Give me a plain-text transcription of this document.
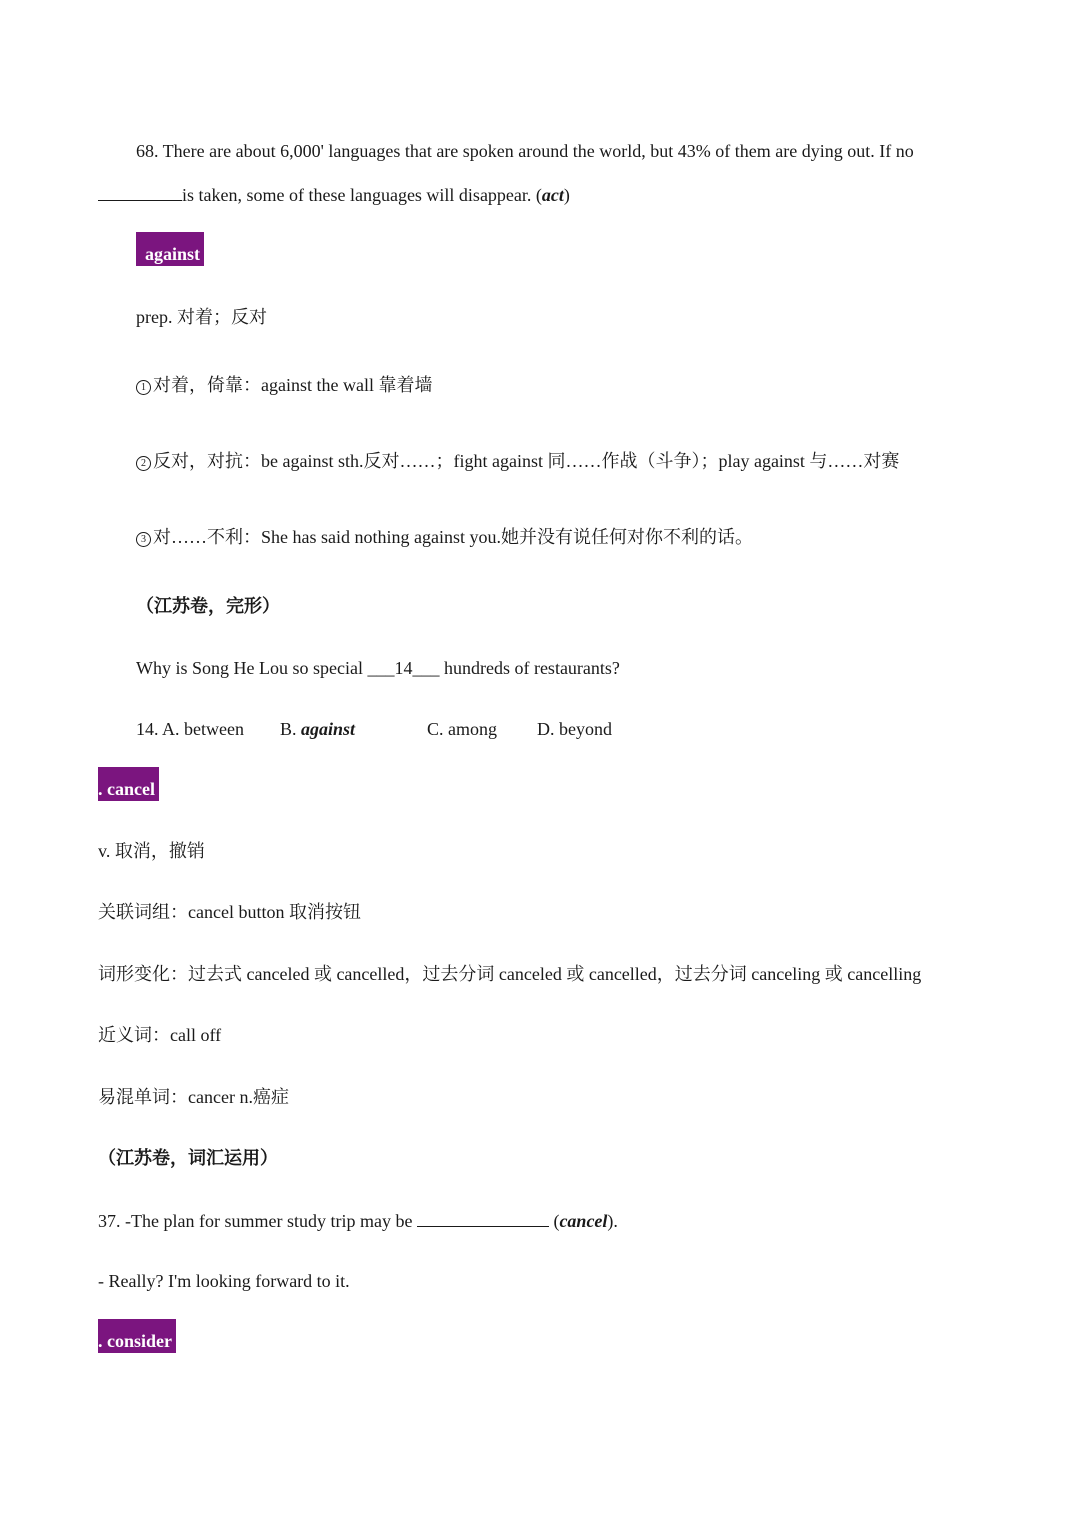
68. There are about 6,000' languages that are spoken around the world, but 43% of them are dying out. If no
is taken, some of these languages will disappear. (act)
against
prep. 对着；反对
1 对着，倚靠：against the wall 靠着墙
2 反对，对抗：be against sth.反对……；fight against 同……作战（斗争）；play against 与……对赛
3 对……不利：She has said nothing against you.她并没有说任何对你不利的话。
（江苏卷，完形）
Why is Song He Lou so special ___14___ hundreds of restaurants?
14. A. between B. against	C. among D. beyond
. cancel
v. 取消，撤销
关联词组：cancel button 取消按钮
词形变化：过去式 canceled 或 cancelled，过去分词 canceled 或 cancelled，过去分词 canceling 或 cancelling
近义词：call off
易混单词：cancer n.癌症
（江苏卷，词汇运用）
37. -The plan for summer study trip may be	(cancel).
- Really? I'm looking forward to it.
. consider
